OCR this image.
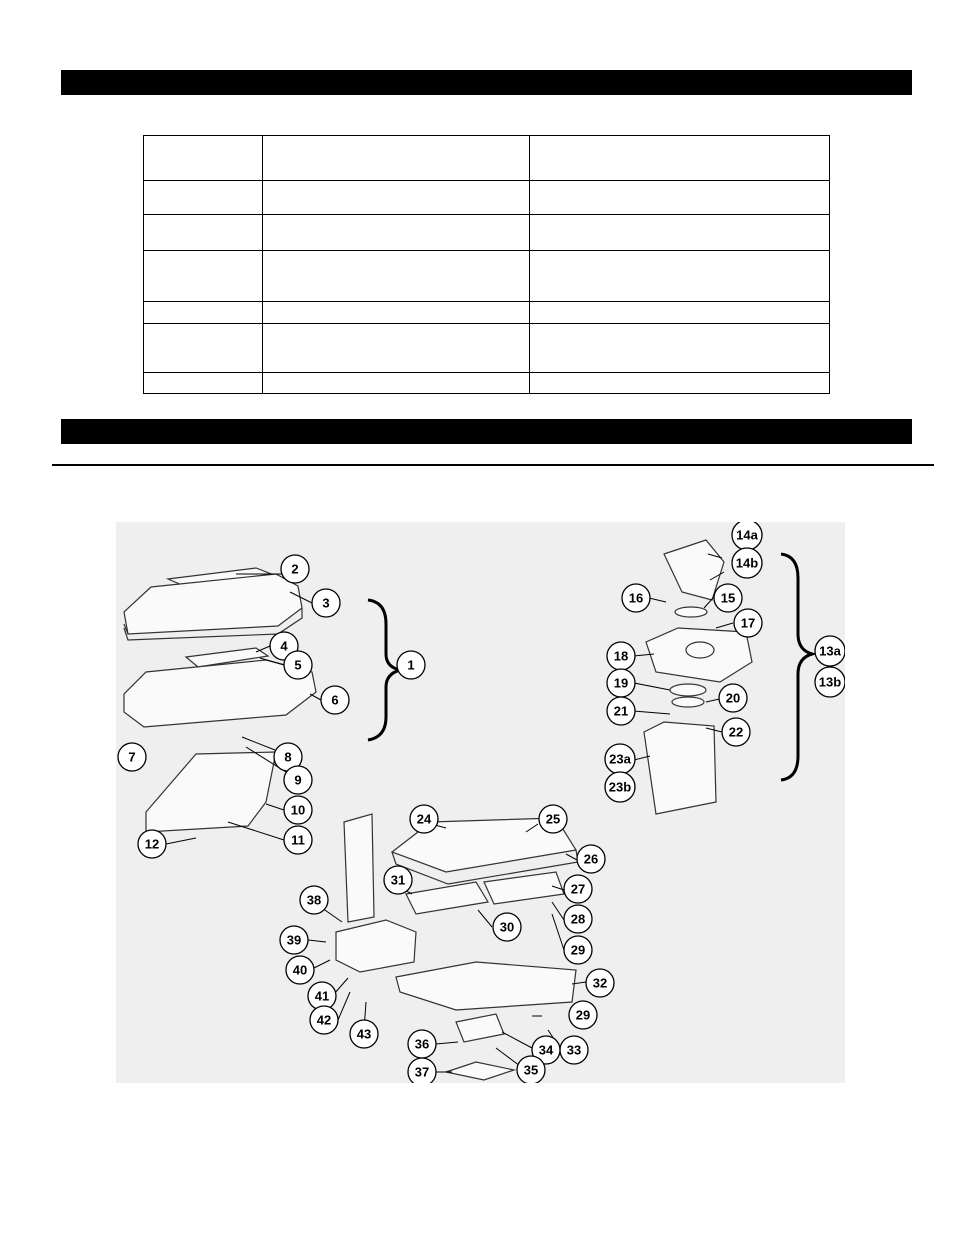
1
2
3
4
5
6
7	8
9
10
11
12
13a
13b
14a
14b
15
16
17
18
19
20
21
22
23a
23b
24	25
26
27
28
29
30
31
32
29
33
34
35
36
37
38
39
40
41
42
43
